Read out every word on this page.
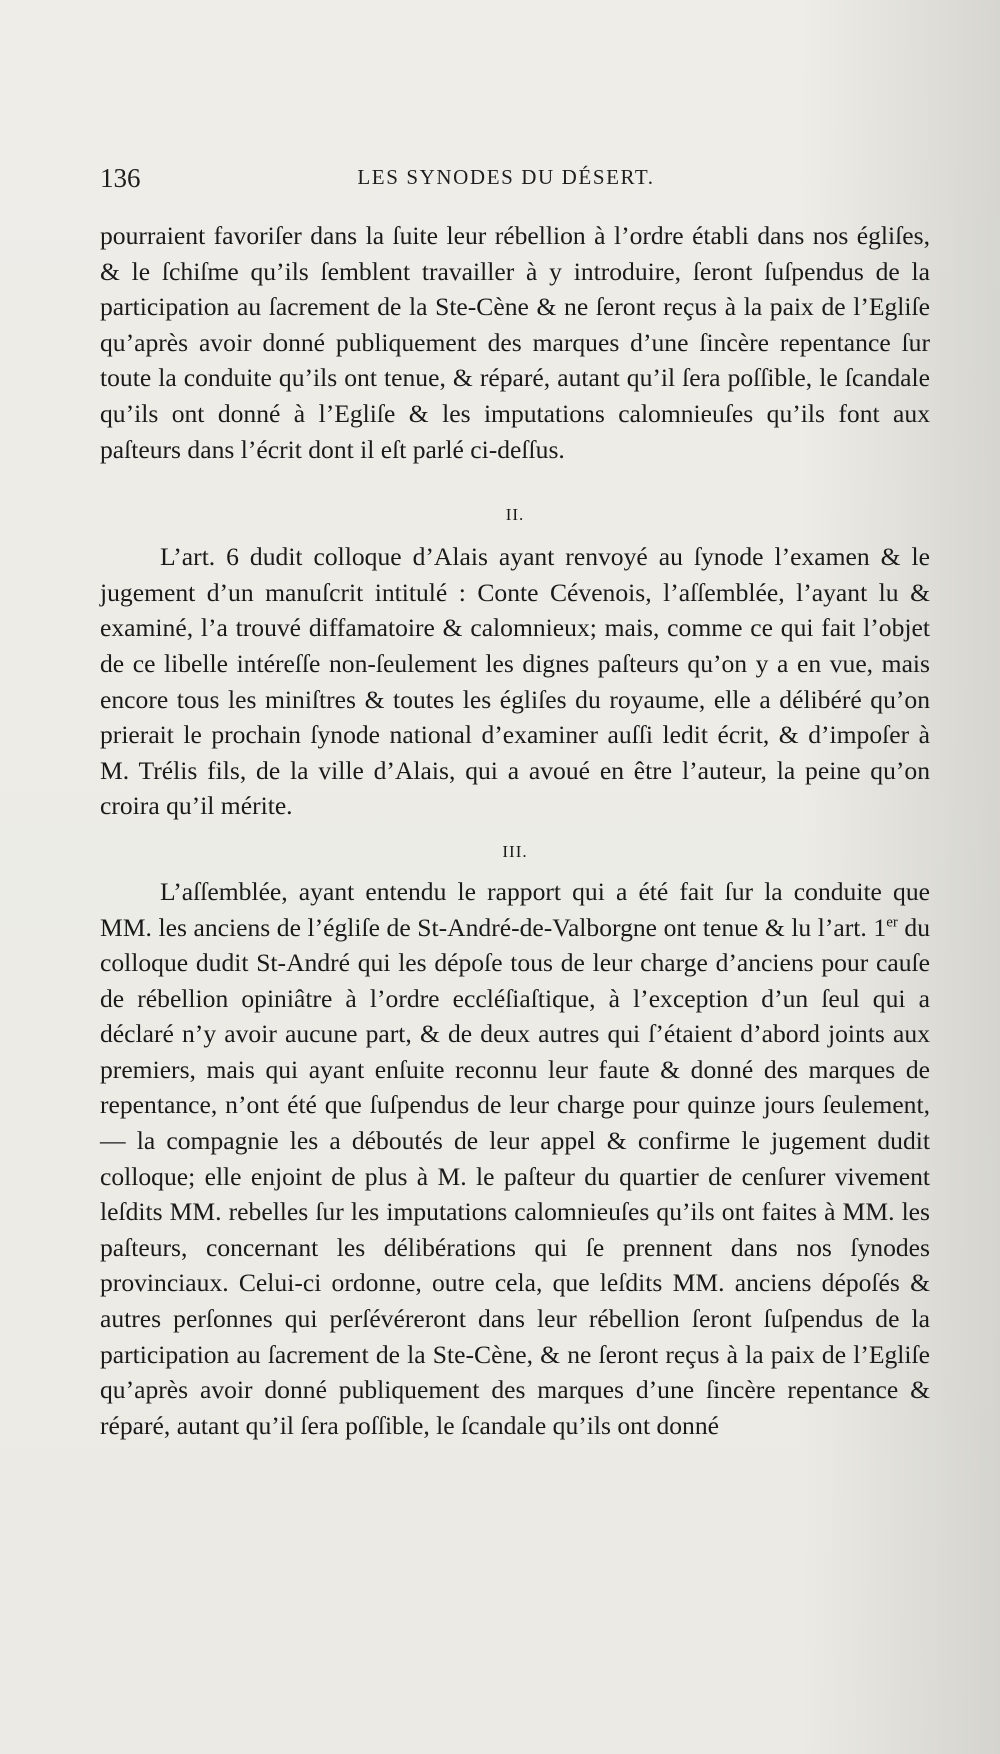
136	LES SYNODES DU DÉSERT.

pourraient favoriſer dans la ſuite leur rébellion à l’ordre établi dans nos égliſes, & le ſchiſme qu’ils ſemblent travailler à y introduire, ſeront ſuſpendus de la participation au ſacrement de la Ste-Cène & ne ſeront reçus à la paix de l’Egliſe qu’après avoir donné publiquement des marques d’une ſincère repentance ſur toute la conduite qu’ils ont tenue, & réparé, autant qu’il ſera poſſible, le ſcandale qu’ils ont donné à l’Egliſe & les imputations calomnieuſes qu’ils font aux paſteurs dans l’écrit dont il eſt parlé ci-deſſus.

II.

L’art. 6 dudit colloque d’Alais ayant renvoyé au ſynode l’examen & le jugement d’un manuſcrit intitulé : Conte Cévenois, l’aſſemblée, l’ayant lu & examiné, l’a trouvé diffamatoire & calomnieux; mais, comme ce qui fait l’objet de ce libelle intéreſſe non-ſeulement les dignes paſteurs qu’on y a en vue, mais encore tous les miniſtres & toutes les égliſes du royaume, elle a délibéré qu’on prierait le prochain ſynode national d’examiner auſſi ledit écrit, & d’impoſer à M. Trélis fils, de la ville d’Alais, qui a avoué en être l’auteur, la peine qu’on croira qu’il mérite.

III.

L’aſſemblée, ayant entendu le rapport qui a été fait ſur la conduite que MM. les anciens de l’égliſe de St-André-de-Valborgne ont tenue & lu l’art. 1er du colloque dudit St-André qui les dépoſe tous de leur charge d’anciens pour cauſe de rébellion opiniâtre à l’ordre eccléſiaſtique, à l’exception d’un ſeul qui a déclaré n’y avoir aucune part, & de deux autres qui ſ’étaient d’abord joints aux premiers, mais qui ayant enſuite reconnu leur faute & donné des marques de repentance, n’ont été que ſuſpendus de leur charge pour quinze jours ſeulement, — la compagnie les a déboutés de leur appel & confirme le jugement dudit colloque; elle enjoint de plus à M. le paſteur du quartier de cenſurer vivement leſdits MM. rebelles ſur les imputations calomnieuſes qu’ils ont faites à MM. les paſteurs, concernant les délibérations qui ſe prennent dans nos ſynodes provinciaux. Celui-ci ordonne, outre cela, que leſdits MM. anciens dépoſés & autres perſonnes qui perſévéreront dans leur rébellion ſeront ſuſpendus de la participation au ſacrement de la Ste-Cène, & ne ſeront reçus à la paix de l’Egliſe qu’après avoir donné publiquement des marques d’une ſincère repentance & réparé, autant qu’il ſera poſſible, le ſcandale qu’ils ont donné
